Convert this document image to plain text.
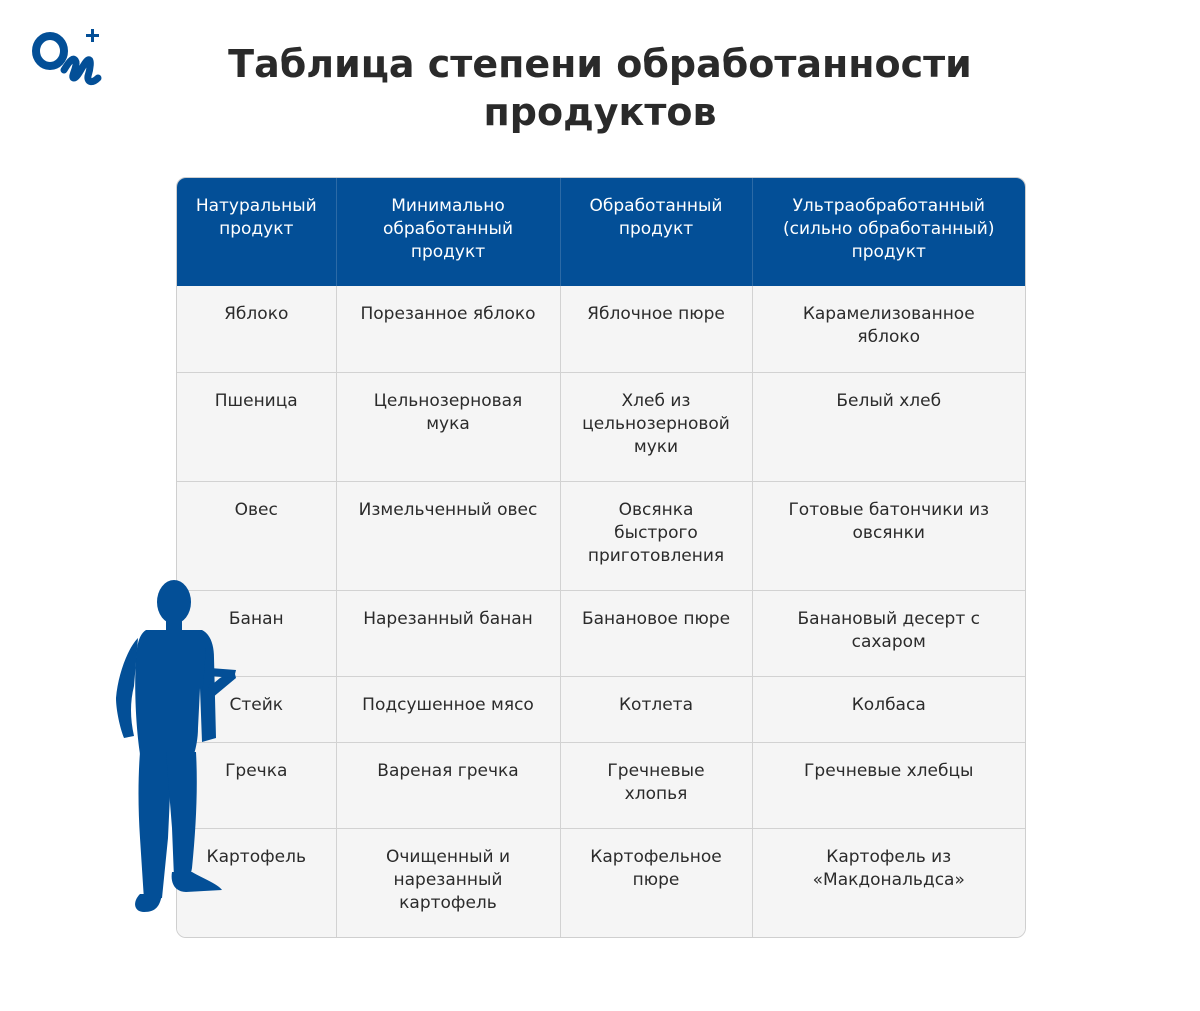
Таблица степени обработанности
продуктов
Натуральный продукт	Минимально обработанный продукт	Обработанный продукт	Ультраобработанный (сильно обработанный) продукт
Яблоко	Порезанное яблоко	Яблочное пюре	Карамелизованное яблоко
Пшеница	Цельнозерновая мука	Хлеб из цельнозерновой муки	Белый хлеб
Овес	Измельченный овес	Овсянка быстрого приготовления	Готовые батончики из овсянки
Банан	Нарезанный банан	Банановое пюре	Банановый десерт с сахаром
Стейк	Подсушенное мясо	Котлета	Колбаса
Гречка	Вареная гречка	Гречневые хлопья	Гречневые хлебцы
Картофель	Очищенный и нарезанный картофель	Картофельное пюре	Картофель из «Макдональдса»
